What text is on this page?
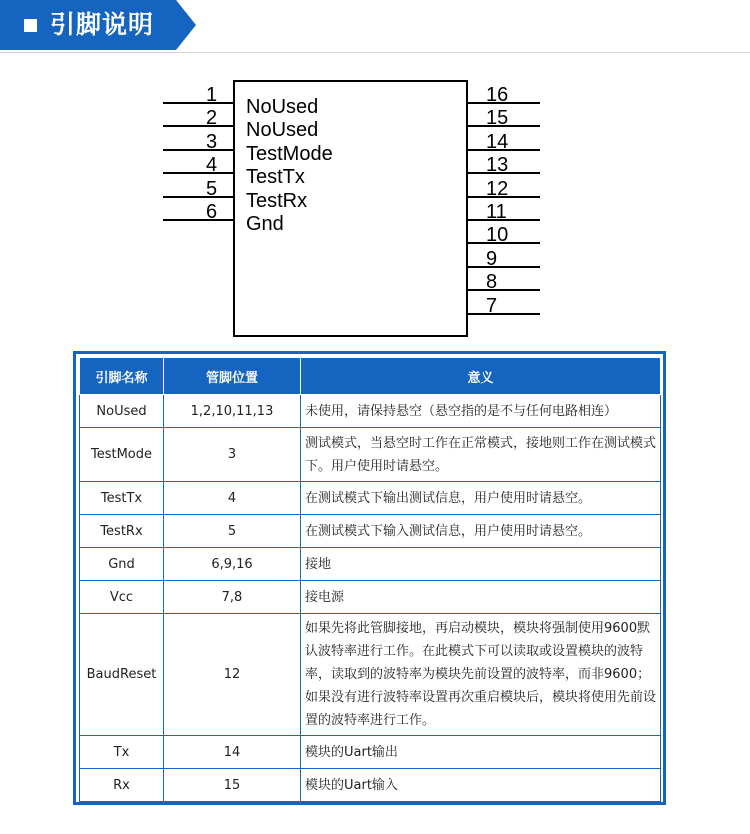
引脚说明
1
NoUsed
2
NoUsed
3
TestMode
4
TestTx
5
TestRx
6
Gnd
16
15
14
13
12
11
10
9
8
7
引脚名称	管脚位置	意义
NoUsed	1,2,10,11,13	未使用，请保持悬空（悬空指的是不与任何电路相连）
TestMode	3	测试模式，当悬空时工作在正常模式，接地则工作在测试模式下。用户使用时请悬空。
TestTx	4	在测试模式下输出测试信息，用户使用时请悬空。
TestRx	5	在测试模式下输入测试信息，用户使用时请悬空。
Gnd	6,9,16	接地
Vcc	7,8	接电源
BaudReset	12	如果先将此管脚接地，再启动模块，模块将强制使用9600默认波特率进行工作。在此模式下可以读取或设置模块的波特率，读取到的波特率为模块先前设置的波特率，而非9600；如果没有进行波特率设置再次重启模块后，模块将使用先前设置的波特率进行工作。
Tx	14	模块的Uart输出
Rx	15	模块的Uart输入
